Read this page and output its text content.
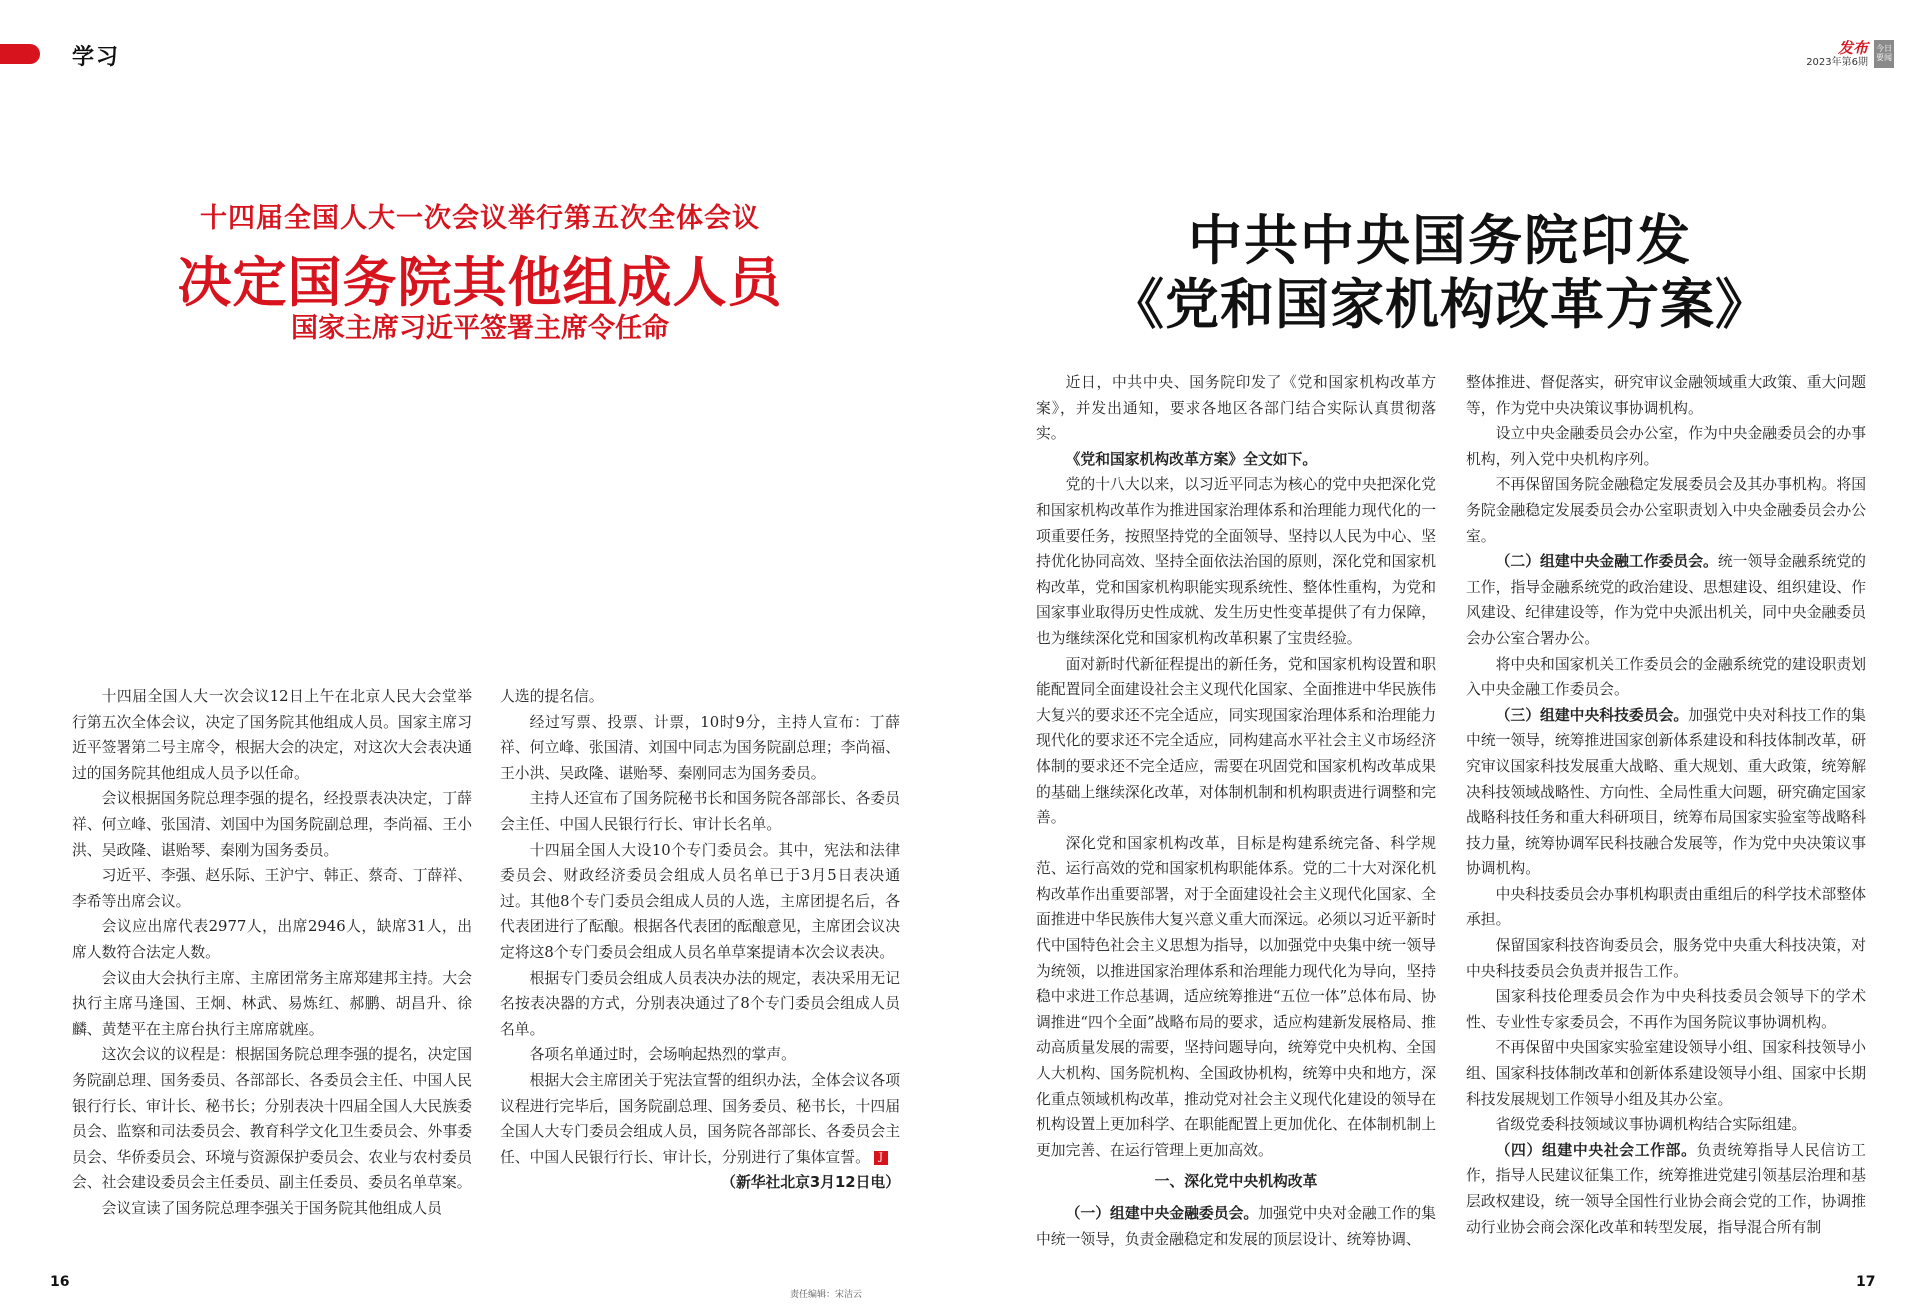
学习	发布
2023年第6期
今日要闻
十四届全国人大一次会议举行第五次全体会议
决定国务院其他组成人员
国家主席习近平签署主席令任命
中共中央国务院印发
《党和国家机构改革方案》

十四届全国人大一次会议12日上午在北京人民大会堂举行第五次全体会议，决定了国务院其他组成人员。国家主席习近平签署第二号主席令，根据大会的决定，对这次大会表决通过的国务院其他组成人员予以任命。

会议根据国务院总理李强的提名，经投票表决决定，丁薛祥、何立峰、张国清、刘国中为国务院副总理，李尚福、王小洪、吴政隆、谌贻琴、秦刚为国务委员。

习近平、李强、赵乐际、王沪宁、韩正、蔡奇、丁薛祥、李希等出席会议。

会议应出席代表2977人，出席2946人，缺席31人，出席人数符合法定人数。

会议由大会执行主席、主席团常务主席郑建邦主持。大会执行主席马逢国、王炯、林武、易炼红、郝鹏、胡昌升、徐麟、黄楚平在主席台执行主席席就座。

这次会议的议程是：根据国务院总理李强的提名，决定国务院副总理、国务委员、各部部长、各委员会主任、中国人民银行行长、审计长、秘书长；分别表决十四届全国人大民族委员会、监察和司法委员会、教育科学文化卫生委员会、外事委员会、华侨委员会、环境与资源保护委员会、农业与农村委员会、社会建设委员会主任委员、副主任委员、委员名单草案。

会议宣读了国务院总理李强关于国务院其他组成人员

人选的提名信。

经过写票、投票、计票，10时9分，主持人宣布：丁薛祥、何立峰、张国清、刘国中同志为国务院副总理；李尚福、王小洪、吴政隆、谌贻琴、秦刚同志为国务委员。

主持人还宣布了国务院秘书长和国务院各部部长、各委员会主任、中国人民银行行长、审计长名单。

十四届全国人大设10个专门委员会。其中，宪法和法律委员会、财政经济委员会组成人员名单已于3月5日表决通过。其他8个专门委员会组成人员的人选，主席团提名后，各代表团进行了酝酿。根据各代表团的酝酿意见，主席团会议决定将这8个专门委员会组成人员名单草案提请本次会议表决。

根据专门委员会组成人员表决办法的规定，表决采用无记名按表决器的方式，分别表决通过了8个专门委员会组成人员名单。

各项名单通过时，会场响起热烈的掌声。

根据大会主席团关于宪法宣誓的组织办法，全体会议各项议程进行完毕后，国务院副总理、国务委员、秘书长，十四届全国人大专门委员会组成人员，国务院各部部长、各委员会主任、中国人民银行行长、审计长，分别进行了集体宣誓。 J

（新华社北京3月12日电）

责任编辑：宋洁云

近日，中共中央、国务院印发了《党和国家机构改革方案》，并发出通知，要求各地区各部门结合实际认真贯彻落实。

《党和国家机构改革方案》全文如下。

党的十八大以来，以习近平同志为核心的党中央把深化党和国家机构改革作为推进国家治理体系和治理能力现代化的一项重要任务，按照坚持党的全面领导、坚持以人民为中心、坚持优化协同高效、坚持全面依法治国的原则，深化党和国家机构改革，党和国家机构职能实现系统性、整体性重构，为党和国家事业取得历史性成就、发生历史性变革提供了有力保障，也为继续深化党和国家机构改革积累了宝贵经验。

面对新时代新征程提出的新任务，党和国家机构设置和职能配置同全面建设社会主义现代化国家、全面推进中华民族伟大复兴的要求还不完全适应，同实现国家治理体系和治理能力现代化的要求还不完全适应，同构建高水平社会主义市场经济体制的要求还不完全适应，需要在巩固党和国家机构改革成果的基础上继续深化改革，对体制机制和机构职责进行调整和完善。

深化党和国家机构改革，目标是构建系统完备、科学规范、运行高效的党和国家机构职能体系。党的二十大对深化机构改革作出重要部署，对于全面建设社会主义现代化国家、全面推进中华民族伟大复兴意义重大而深远。必须以习近平新时代中国特色社会主义思想为指导，以加强党中央集中统一领导为统领，以推进国家治理体系和治理能力现代化为导向，坚持稳中求进工作总基调，适应统筹推进“五位一体”总体布局、协调推进“四个全面”战略布局的要求，适应构建新发展格局、推动高质量发展的需要，坚持问题导向，统筹党中央机构、全国人大机构、国务院机构、全国政协机构，统筹中央和地方，深化重点领域机构改革，推动党对社会主义现代化建设的领导在机构设置上更加科学、在职能配置上更加优化、在体制机制上更加完善、在运行管理上更加高效。

一、深化党中央机构改革

（一）组建中央金融委员会。加强党中央对金融工作的集中统一领导，负责金融稳定和发展的顶层设计、统筹协调、

整体推进、督促落实，研究审议金融领域重大政策、重大问题等，作为党中央决策议事协调机构。

设立中央金融委员会办公室，作为中央金融委员会的办事机构，列入党中央机构序列。

不再保留国务院金融稳定发展委员会及其办事机构。将国务院金融稳定发展委员会办公室职责划入中央金融委员会办公室。

（二）组建中央金融工作委员会。统一领导金融系统党的工作，指导金融系统党的政治建设、思想建设、组织建设、作风建设、纪律建设等，作为党中央派出机关，同中央金融委员会办公室合署办公。

将中央和国家机关工作委员会的金融系统党的建设职责划入中央金融工作委员会。

（三）组建中央科技委员会。加强党中央对科技工作的集中统一领导，统筹推进国家创新体系建设和科技体制改革，研究审议国家科技发展重大战略、重大规划、重大政策，统筹解决科技领域战略性、方向性、全局性重大问题，研究确定国家战略科技任务和重大科研项目，统筹布局国家实验室等战略科技力量，统筹协调军民科技融合发展等，作为党中央决策议事协调机构。

中央科技委员会办事机构职责由重组后的科学技术部整体承担。

保留国家科技咨询委员会，服务党中央重大科技决策，对中央科技委员会负责并报告工作。

国家科技伦理委员会作为中央科技委员会领导下的学术性、专业性专家委员会，不再作为国务院议事协调机构。

不再保留中央国家实验室建设领导小组、国家科技领导小组、国家科技体制改革和创新体系建设领导小组、国家中长期科技发展规划工作领导小组及其办公室。

省级党委科技领域议事协调机构结合实际组建。

（四）组建中央社会工作部。负责统筹指导人民信访工作，指导人民建议征集工作，统筹推进党建引领基层治理和基层政权建设，统一领导全国性行业协会商会党的工作，协调推动行业协会商会深化改革和转型发展，指导混合所有制

16	17
